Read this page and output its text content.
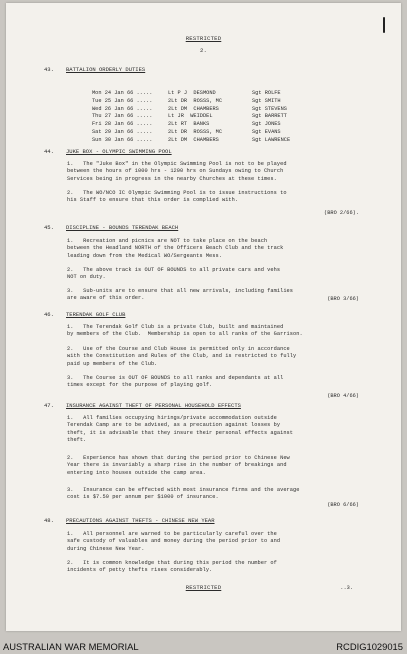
RESTRICTED
2.
43. BATTALION ORDERLY DUTIES
Mon 24 Jan 66 .....	Lt P J  DESMOND	Sgt ROLFE
Tue 25 Jan 66 .....	2Lt DR  ROSSS, MC	Sgt SMITH
Wed 26 Jan 66 .....	2Lt DM  CHAMBERS	Sgt STEVENS
Thu 27 Jan 66 .....	Lt JR  WEIDDEL	Sgt BARRETT
Fri 28 Jan 66 .....	2Lt RT  BANKS	Sgt JONES
Sat 29 Jan 66 .....	2Lt DR  ROSSS, MC	Sgt EVANS
Sun 30 Jan 66 .....	2Lt DM  CHAMBERS	Sgt LAWRENCE
44. JUKE BOX - OLYMPIC SWIMMING POOL
1.   The "Juke Box" in the Olympic Swimming Pool is not to be played
between the hours of 1000 hrs - 1200 hrs on Sundays owing to Church
Services being in progress in the nearby Churches at these times.
2.   The WO/NCO IC Olympic Swimming Pool is to issue instructions to
his Staff to ensure that this order is complied with.
(BRO 2/66).
45. DISCIPLINE - BOUNDS TERENDAK BEACH
1.   Recreation and picnics are NOT to take place on the beach
between the Headland NORTH of the Officers Beach Club and the track
leading down from the Medical WO/Sergeants Mess.
2.   The above track is OUT OF BOUNDS to all private cars and vehs
NOT on duty.
3.   Sub-units are to ensure that all new arrivals, including families
are aware of this order.	(BRO 3/66)
46. TERENDAK GOLF CLUB
1.   The Terendak Golf Club is a private Club, built and maintained
by members of the Club.  Membership is open to all ranks of the Garrison.
2.   Use of the Course and Club House is permitted only in accordance
with the Constitution and Rules of the Club, and is restricted to fully
paid up members of the Club.
3.   The Course is OUT OF BOUNDS to all ranks and dependants at all
times except for the purpose of playing golf.
(BRO 4/66)
47. INSURANCE AGAINST THEFT OF PERSONAL HOUSEHOLD EFFECTS
1.   All families occupying hirings/private accommodation outside
Terendak Camp are to be advised, as a precaution against losses by
theft, it is advisable that they insure their personal effects against
theft.
2.   Experience has shown that during the period prior to Chinese New
Year there is invariably a sharp rise in the number of breakings and
entering into houses outside the camp area.
3.   Insurance can be effected with most insurance firms and the average
cost is $7.50 per annum per $1000 of insurance.
(BRO 6/66)
48. PRECAUTIONS AGAINST THEFTS - CHINESE NEW YEAR
1.   All personnel are warned to be particularly careful over the
safe custody of valuables and money during the period prior to and
during Chinese New Year.
2.   It is common knowledge that during this period the number of
incidents of petty thefts rises considerably.
RESTRICTED	..3.
AUSTRALIAN WAR MEMORIAL	RCDIG1029015
